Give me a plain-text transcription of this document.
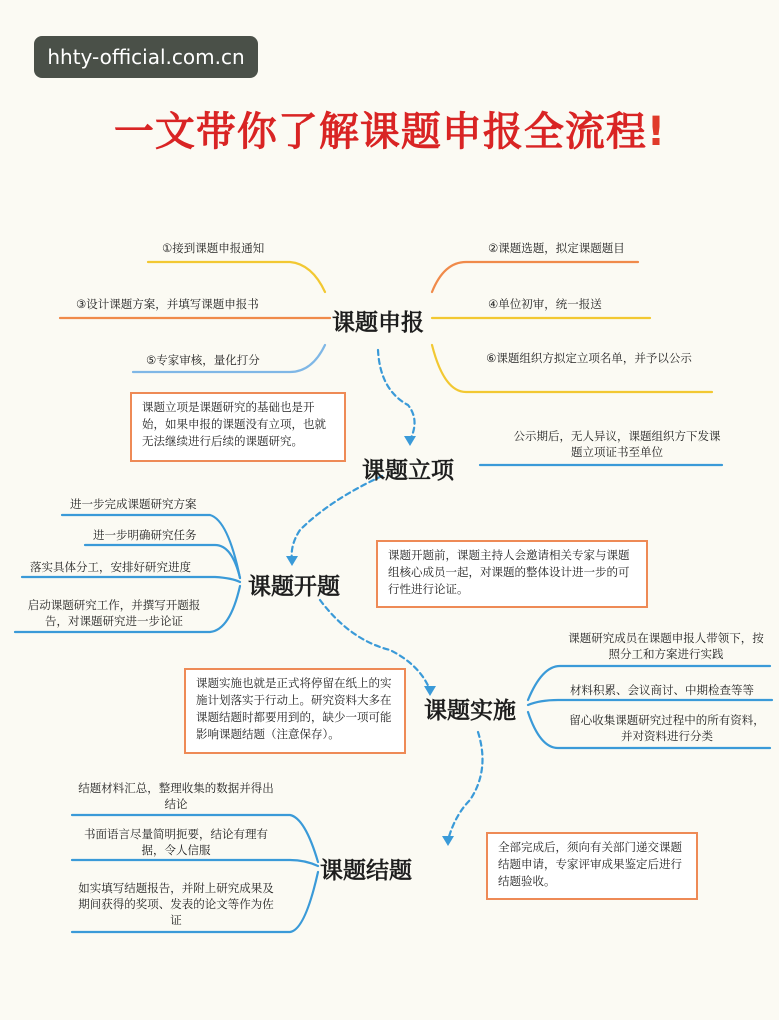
hhty-official.com.cn
一文带你了解课题申报全流程!
课题申报
课题立项
课题开题
课题实施
课题结题
①接到课题申报通知	②课题选题，拟定课题题目
③设计课题方案，并填写课题申报书	④单位初审，统一报送
⑤专家审核，量化打分	⑥课题组织方拟定立项名单，并予以公示
课题立项是课题研究的基础也是开始，如果申报的课题没有立项，也就无法继续进行后续的课题研究。	公示期后，无人异议，课题组织方下发课题立项证书至单位
进一步完成课题研究方案
进一步明确研究任务
落实具体分工，安排好研究进度
启动课题研究工作，并撰写开题报告，对课题研究进一步论证
课题开题前，课题主持人会邀请相关专家与课题组核心成员一起，对课题的整体设计进一步的可行性进行论证。
课题实施也就是正式将停留在纸上的实施计划落实于行动上。研究资料大多在课题结题时都要用到的，缺少一项可能影响课题结题（注意保存）。
课题研究成员在课题申报人带领下，按照分工和方案进行实践
材料积累、会议商讨、中期检查等等
留心收集课题研究过程中的所有资料，并对资料进行分类
结题材料汇总，整理收集的数据并得出结论
书面语言尽量简明扼要，结论有理有据，令人信服
如实填写结题报告，并附上研究成果及期间获得的奖项、发表的论文等作为佐证
全部完成后，须向有关部门递交课题结题申请，专家评审成果鉴定后进行结题验收。
